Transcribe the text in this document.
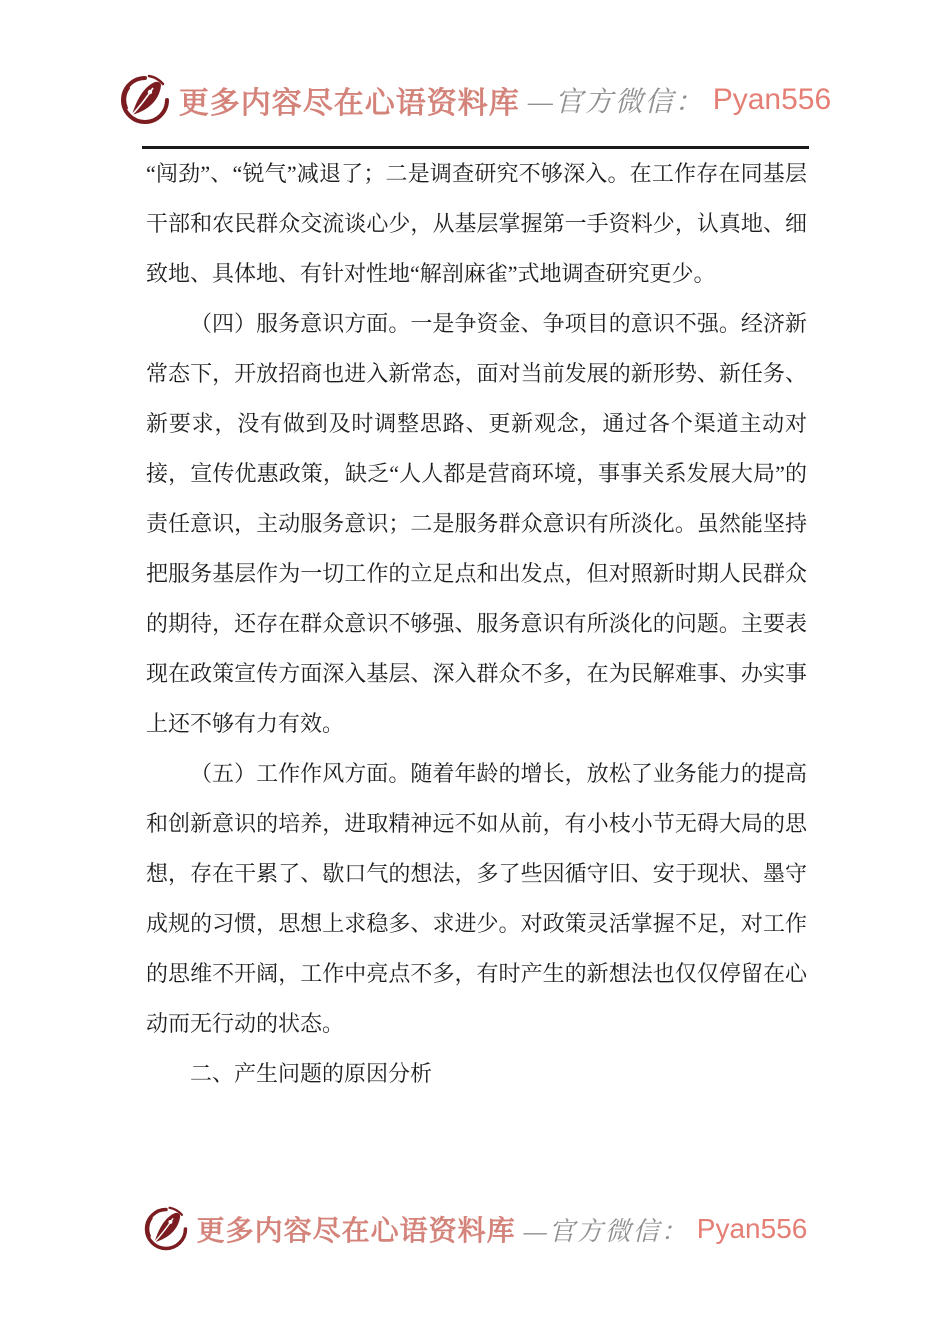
更多内容尽在心语资料库 —官方微信： Pyan556

“闯劲”、“锐气”减退了；二是调查研究不够深入。在工作存在同基层干部和农民群众交流谈心少，从基层掌握第一手资料少，认真地、细致地、具体地、有针对性地“解剖麻雀”式地调查研究更少。

（四）服务意识方面。一是争资金、争项目的意识不强。经济新常态下，开放招商也进入新常态，面对当前发展的新形势、新任务、新要求，没有做到及时调整思路、更新观念，通过各个渠道主动对接，宣传优惠政策，缺乏“人人都是营商环境，事事关系发展大局”的责任意识，主动服务意识；二是服务群众意识有所淡化。虽然能坚持把服务基层作为一切工作的立足点和出发点，但对照新时期人民群众的期待，还存在群众意识不够强、服务意识有所淡化的问题。主要表现在政策宣传方面深入基层、深入群众不多，在为民解难事、办实事上还不够有力有效。

（五）工作作风方面。随着年龄的增长，放松了业务能力的提高和创新意识的培养，进取精神远不如从前，有小枝小节无碍大局的思想，存在干累了、歇口气的想法，多了些因循守旧、安于现状、墨守成规的习惯，思想上求稳多、求进少。对政策灵活掌握不足，对工作的思维不开阔，工作中亮点不多，有时产生的新想法也仅仅停留在心动而无行动的状态。

二、产生问题的原因分析

更多内容尽在心语资料库 —官方微信： Pyan556
